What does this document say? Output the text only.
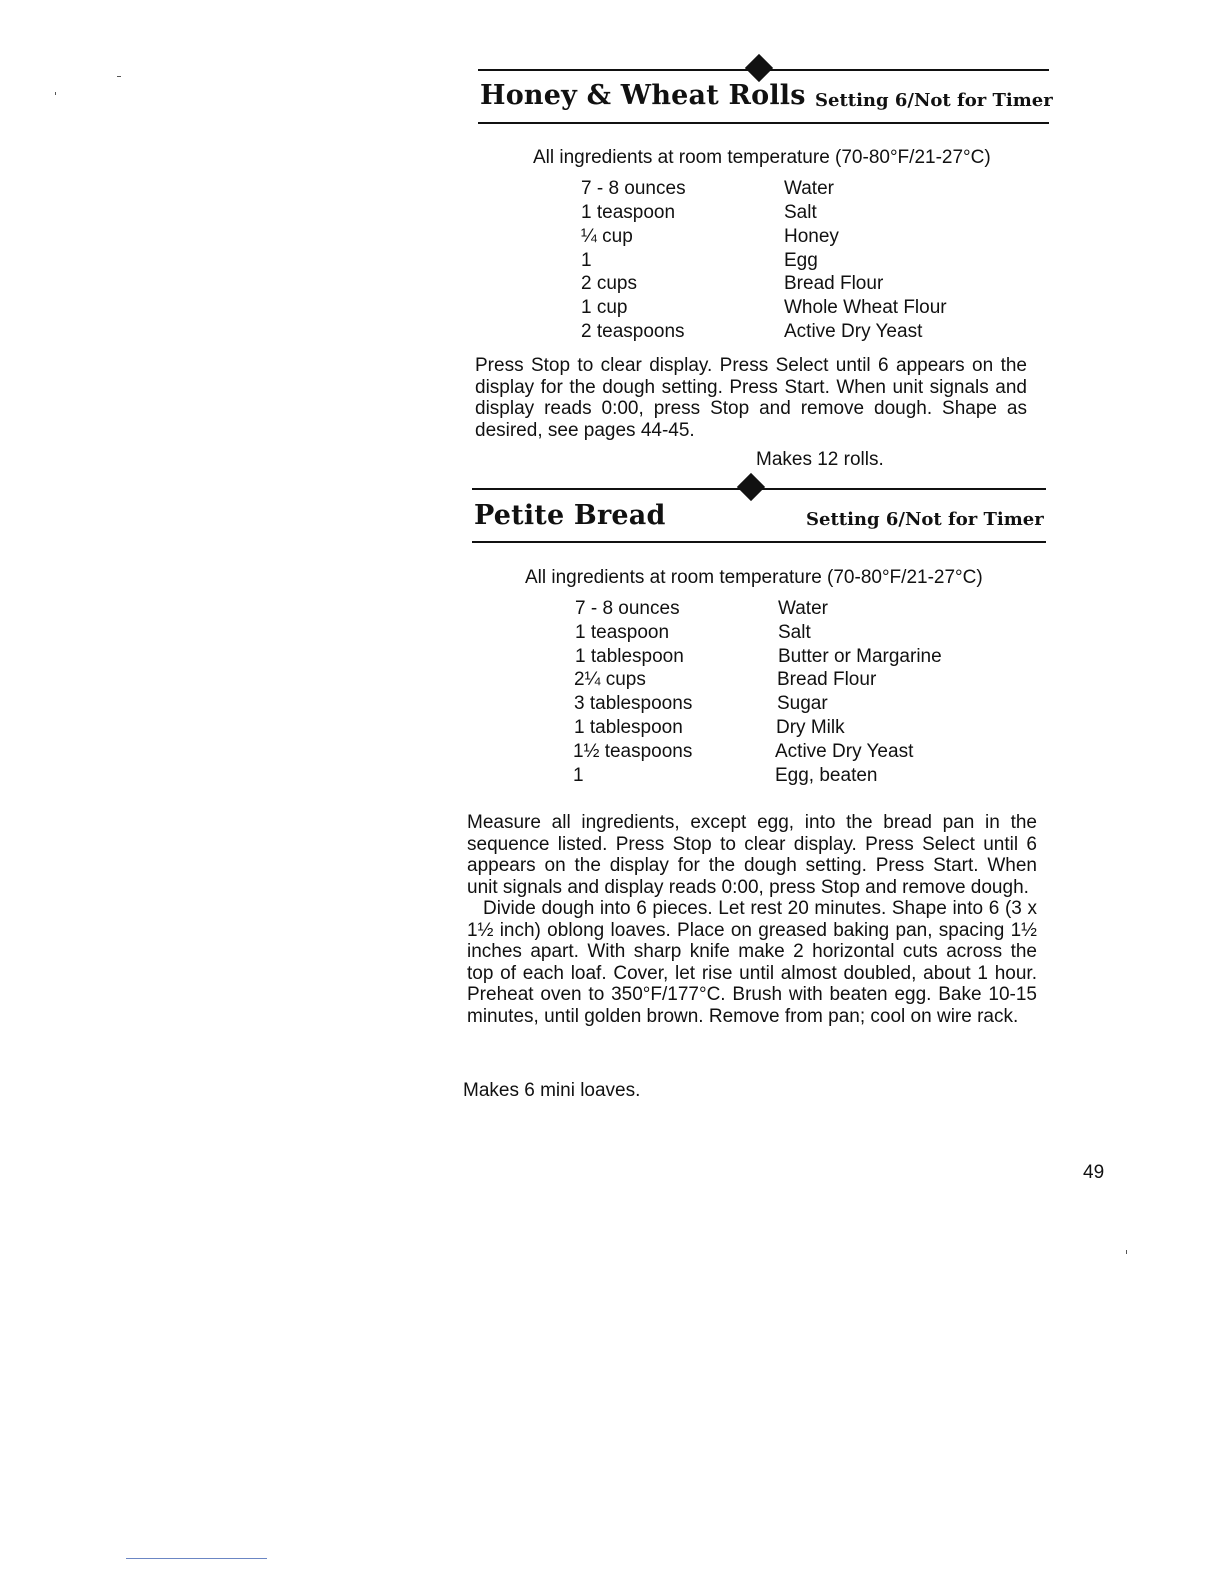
Honey & Wheat Rolls Setting 6/Not for Timer
All ingredients at room temperature (70-80°F/21-27°C)
7 - 8 ounces	Water
1 teaspoon	Salt
¼ cup	Honey
1	Egg
2 cups	Bread Flour
1 cup	Whole Wheat Flour
2 teaspoons	Active Dry Yeast

Press Stop to clear display. Press Select until 6 appears on the display for the dough setting. Press Start. When unit signals and display reads 0:00, press Stop and remove dough. Shape as desired, see pages 44-45.

Makes 12 rolls.
Petite Bread	Setting 6/Not for Timer
All ingredients at room temperature (70-80°F/21-27°C)
7 - 8 ounces	Water
1 teaspoon	Salt
1 tablespoon	Butter or Margarine
2¼ cups	Bread Flour
3 tablespoons	Sugar
1 tablespoon	Dry Milk
1½ teaspoons	Active Dry Yeast
1	Egg, beaten

Measure all ingredients, except egg, into the bread pan in the sequence listed. Press Stop to clear display. Press Select until 6 appears on the display for the dough setting. Press Start. When unit signals and display reads 0:00, press Stop and remove dough.

Divide dough into 6 pieces. Let rest 20 minutes. Shape into 6 (3 x 1½ inch) oblong loaves. Place on greased baking pan, spacing 1½ inches apart. With sharp knife make 2 horizontal cuts across the top of each loaf. Cover, let rise until almost doubled, about 1 hour. Preheat oven to 350°F/177°C. Brush with beaten egg. Bake 10-15 minutes, until golden brown. Remove from pan; cool on wire rack.

Makes 6 mini loaves.
49
